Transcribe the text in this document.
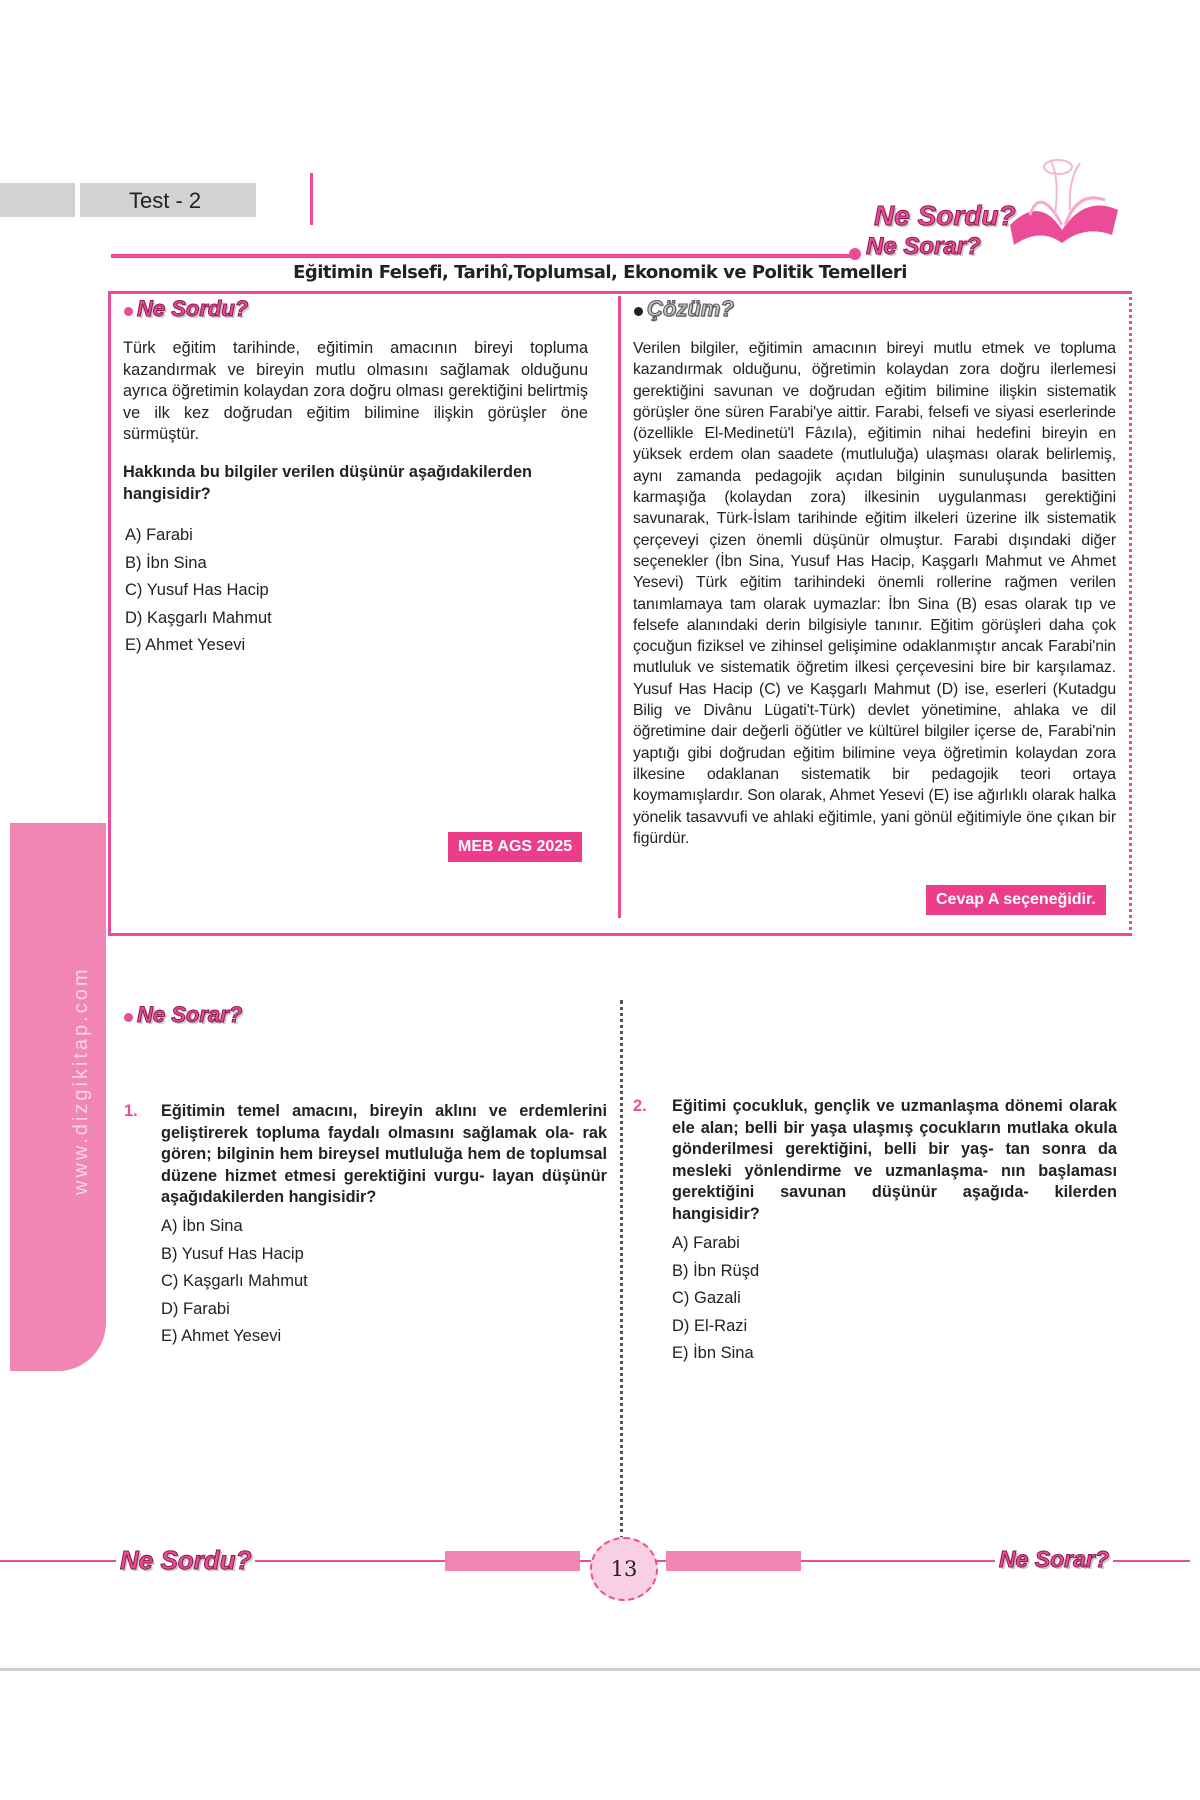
Test - 2	Ne Sordu?
Ne Sorar?
Eğitimin Felsefi, Tarihî,Toplumsal, Ekonomik ve Politik Temelleri
Ne Sordu?
Türk eğitim tarihinde, eğitimin amacının bireyi topluma kazandırmak ve bireyin mutlu olmasını sağlamak olduğunu ayrıca öğretimin kolaydan zora doğru olması gerektiğini belirtmiş ve ilk kez doğrudan eğitim bilimine ilişkin görüşler öne sürmüştür.
Hakkında bu bilgiler verilen düşünür aşağıdakilerden hangisidir?
A) Farabi
B) İbn Sina
C) Yusuf Has Hacip
D) Kaşgarlı Mahmut
E) Ahmet Yesevi
MEB AGS 2025
Çözüm?
Verilen bilgiler, eğitimin amacının bireyi mutlu etmek ve topluma kazandırmak olduğunu, öğretimin kolaydan zora doğru ilerlemesi gerektiğini savunan ve doğrudan eğitim bilimine ilişkin sistematik görüşler öne süren Farabi'ye aittir. Farabi, felsefi ve siyasi eserlerinde (özellikle El-Medinetü'l Fâzıla), eğitimin nihai hedefini bireyin en yüksek erdem olan saadete (mutluluğa) ulaşması olarak belirlemiş, aynı zamanda pedagojik açıdan bilginin sunuluşunda basitten karmaşığa (kolaydan zora) ilkesinin uygulanması gerektiğini savunarak, Türk-İslam tarihinde eğitim ilkeleri üzerine ilk sistematik çerçeveyi çizen önemli düşünür olmuştur. Farabi dışındaki diğer seçenekler (İbn Sina, Yusuf Has Hacip, Kaşgarlı Mahmut ve Ahmet Yesevi) Türk eğitim tarihindeki önemli rollerine rağmen verilen tanımlamaya tam olarak uymazlar: İbn Sina (B) esas olarak tıp ve felsefe alanındaki derin bilgisiyle tanınır. Eğitim görüşleri daha çok çocuğun fiziksel ve zihinsel gelişimine odaklanmıştır ancak Farabi'nin mutluluk ve sistematik öğretim ilkesi çerçevesini bire bir karşılamaz. Yusuf Has Hacip (C) ve Kaşgarlı Mahmut (D) ise, eserleri (Kutadgu Bilig ve Divânu Lügati't-Türk) devlet yönetimine, ahlaka ve dil öğretimine dair değerli öğütler ve kültürel bilgiler içerse de, Farabi'nin yaptığı gibi doğrudan eğitim bilimine veya öğretimin kolaydan zora ilkesine odaklanan sistematik bir pedagojik teori ortaya koymamışlardır. Son olarak, Ahmet Yesevi (E) ise ağırlıklı olarak halka yönelik tasavvufi ve ahlaki eğitimle, yani gönül eğitimiyle öne çıkan bir figürdür.
Cevap A seçeneğidir.
www.dizgikitap.com	Ne Sorar?
1. Eğitimin temel amacını, bireyin aklını ve erdemlerini geliştirerek topluma faydalı olmasını sağlamak ola- rak gören; bilginin hem bireysel mutluluğa hem de toplumsal düzene hizmet etmesi gerektiğini vurgu- layan düşünür aşağıdakilerden hangisidir?
A) İbn Sina
B) Yusuf Has Hacip
C) Kaşgarlı Mahmut
D) Farabi
E) Ahmet Yesevi
2. Eğitimi çocukluk, gençlik ve uzmanlaşma dönemi olarak ele alan; belli bir yaşa ulaşmış çocukların mutlaka okula gönderilmesi gerektiğini, belli bir yaş- tan sonra da mesleki yönlendirme ve uzmanlaşma- nın başlaması gerektiğini savunan düşünür aşağıda- kilerden hangisidir?
A) Farabi
B) İbn Rüşd
C) Gazali
D) El-Razi
E) İbn Sina
Ne Sordu?	Ne Sorar?
13
